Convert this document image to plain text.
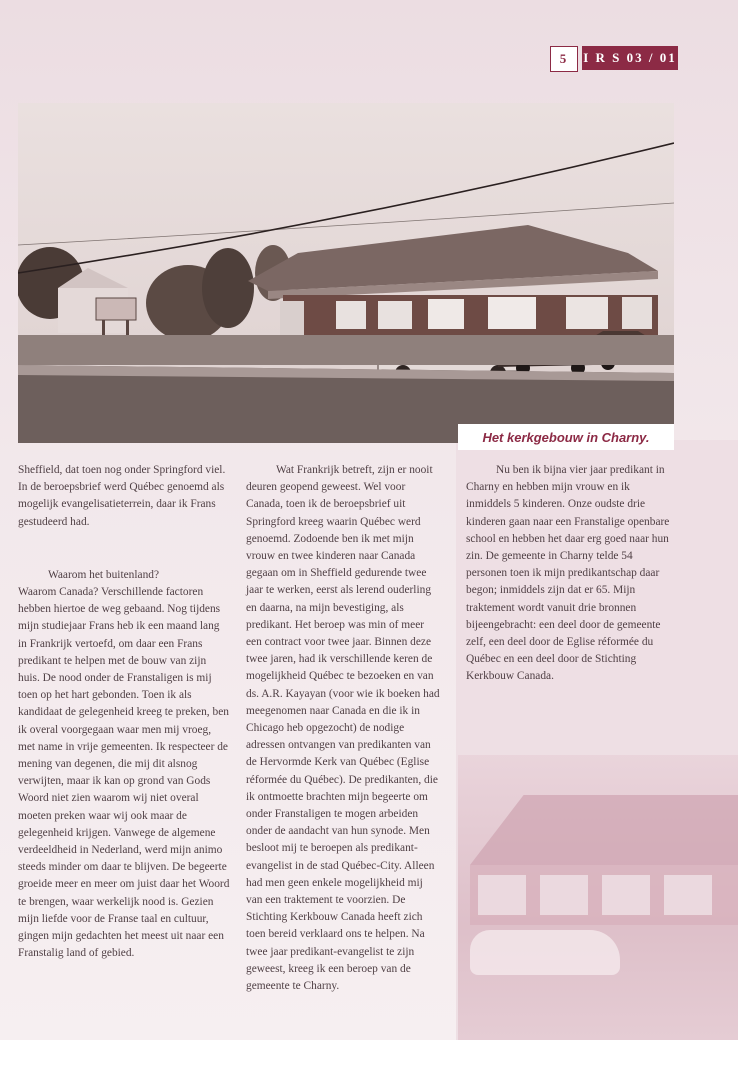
5	I R S 03 / 01
Het kerkgebouw in Charny.

Sheffield, dat toen nog onder Springford viel. In de beroepsbrief werd Québec genoemd als mogelijk evangelisatieterrein, daar ik Frans gestudeerd had.

Waarom het buitenland?

Waarom Canada? Verschillende factoren hebben hiertoe de weg gebaand. Nog tijdens mijn studiejaar Frans heb ik een maand lang in Frankrijk vertoefd, om daar een Frans predikant te helpen met de bouw van zijn huis. De nood onder de Franstaligen is mij toen op het hart gebonden. Toen ik als kandidaat de gelegenheid kreeg te preken, ben ik overal voorgegaan waar men mij vroeg, met name in vrije gemeenten. Ik respecteer de mening van degenen, die mij dit alsnog verwijten, maar ik kan op grond van Gods Woord niet zien waarom wij niet overal moeten preken waar wij ook maar de gelegenheid krijgen. Vanwege de algemene verdeeldheid in Nederland, werd mijn animo steeds minder om daar te blijven. De begeerte groeide meer en meer om juist daar het Woord te brengen, waar werkelijk nood is. Gezien mijn liefde voor de Franse taal en cultuur, gingen mijn gedachten het meest uit naar een Franstalig land of gebied.

Wat Frankrijk betreft, zijn er nooit deuren geopend geweest. Wel voor Canada, toen ik de beroepsbrief uit Springford kreeg waarin Québec werd genoemd. Zodoende ben ik met mijn vrouw en twee kinderen naar Canada gegaan om in Sheffield gedurende twee jaar te werken, eerst als lerend ouderling en daarna, na mijn bevestiging, als predikant. Het beroep was min of meer een contract voor twee jaar. Binnen deze twee jaren, had ik verschillende keren de mogelijkheid Québec te bezoeken en van ds. A.R. Kayayan (voor wie ik boeken had meegenomen naar Canada en die ik in Chicago heb opgezocht) de nodige adressen ontvangen van predikanten van de Hervormde Kerk van Québec (Eglise réformée du Québec). De predikanten, die ik ontmoette brachten mijn begeerte om onder Franstaligen te mogen arbeiden onder de aandacht van hun synode. Men besloot mij te beroepen als predikant-evangelist in de stad Québec-City. Alleen had men geen enkele mogelijkheid mij van een traktement te voorzien. De Stichting Kerkbouw Canada heeft zich toen bereid verklaard ons te helpen. Na twee jaar predikant-evangelist te zijn geweest, kreeg ik een beroep van de gemeente te Charny.

Nu ben ik bijna vier jaar predikant in Charny en hebben mijn vrouw en ik inmiddels 5 kinderen. Onze oudste drie kinderen gaan naar een Franstalige openbare school en hebben het daar erg goed naar hun zin. De gemeente in Charny telde 54 personen toen ik mijn predikantschap daar begon; inmiddels zijn dat er 65. Mijn traktement wordt vanuit drie bronnen bijeengebracht: een deel door de gemeente zelf, een deel door de Eglise réformée du Québec en een deel door de Stichting Kerkbouw Canada.
